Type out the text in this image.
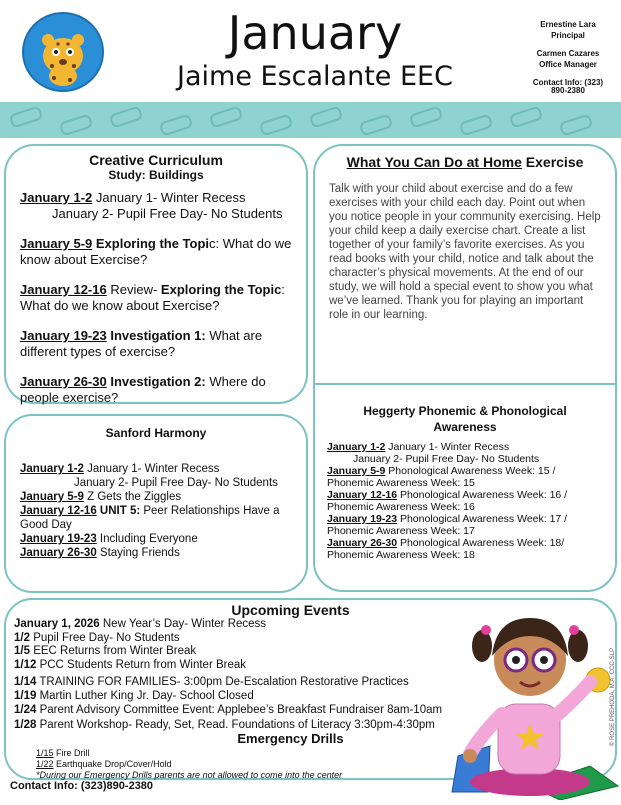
January
Jaime Escalante EEC
Ernestine Lara
Principal
Carmen Cazares
Office Manager
Contact Info: (323)
890-2380
Creative Curriculum
Study: Buildings

January 1-2 January 1- Winter Recess

January 2- Pupil Free Day- No Students

January 5-9 Exploring the Topic: What do we know about Exercise?

January 12-16 Review- Exploring the Topic: What do we know about Exercise?

January 19-23 Investigation 1: What are different types of exercise?

January 26-30 Investigation 2: Where do people exercise?

What You Can Do at Home Exercise
Talk with your child about exercise and do a few exercises with your child each day. Point out when you notice people in your community exercising. Help your child keep a daily exercise chart. Create a list together of your family’s favorite exercises. As you read books with your child, notice and talk about the character’s physical movements. At the end of our study, we will hold a special event to show you what we’ve learned. Thank you for playing an important role in our learning.
Heggerty Phonemic & Phonological Awareness

January 1-2 January 1- Winter Recess

January 2- Pupil Free Day- No Students

January 5-9 Phonological Awareness Week: 15 / Phonemic Awareness Week: 15

January 12-16 Phonological Awareness Week: 16 / Phonemic Awareness Week: 16

January 19-23 Phonological Awareness Week: 17 / Phonemic Awareness Week: 17

January 26-30 Phonological Awareness Week: 18/ Phonemic Awareness Week: 18

Sanford Harmony

January 1-2 January 1- Winter Recess

January 2- Pupil Free Day- No Students

January 5-9 Z Gets the Ziggles

January 12-16 UNIT 5: Peer Relationships Have a Good Day

January 19-23 Including Everyone

January 26-30 Staying Friends

Upcoming Events

January 1, 2026 New Year’s Day- Winter Recess

1/2 Pupil Free Day- No Students

1/5 EEC Returns from Winter Break

1/12 PCC Students Return from Winter Break

1/14 TRAINING FOR FAMILIES- 3:00pm De-Escalation Restorative Practices

1/19 Martin Luther King Jr. Day- School Closed

1/24 Parent Advisory Committee Event: Applebee’s Breakfast Fundraiser 8am-10am

1/28 Parent Workshop- Ready, Set, Read. Foundations of Literacy 3:30pm-4:30pm

Emergency Drills

1/15 Fire Drill

1/22 Earthquake Drop/Cover/Hold

*During our Emergency Drills parents are not allowed to come into the center

© ROSE PREHODA, M.A. CCC-SLP
Contact Info: (323)890-2380
